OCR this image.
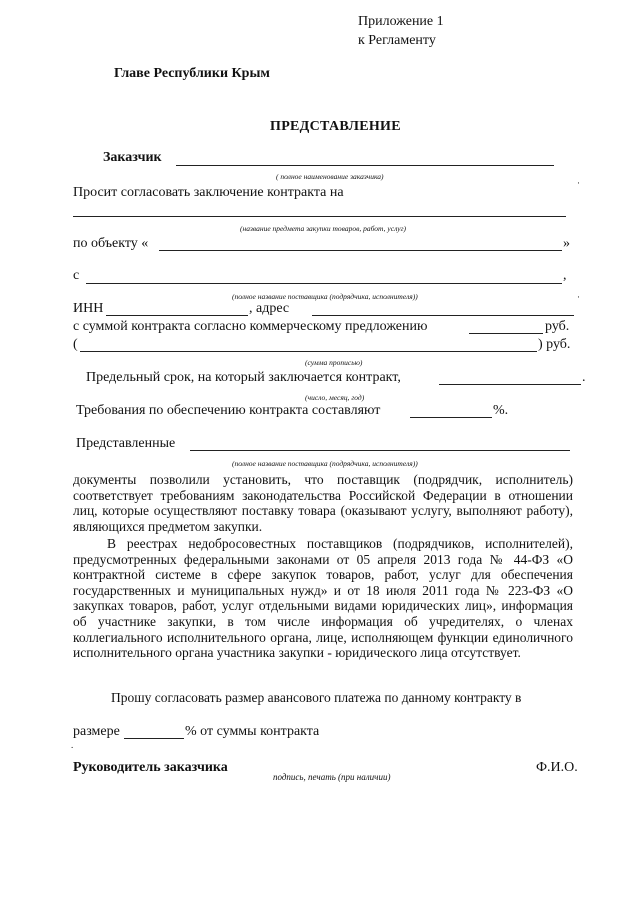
Приложение 1
к Регламенту
Главе Республики Крым
ПРЕДСТАВЛЕНИЕ
Заказчик
( полное наименование заказчика)
·
Просит согласовать заключение контракта на
(название предмета закупки товаров, работ, услуг)
по объекту «	»
с	,
(полное название поставщика (подрядчика, исполнителя))	·
ИНН	, адрес
с суммой контракта согласно коммерческому предложению	руб.
(	) руб.
(сумма прописью)
Предельный срок, на который заключается контракт,	.
(число, месяц, год)
Требования по обеспечению контракта составляют	%.
Представленные
(полное название поставщика (подрядчика, исполнителя))
документы позволили установить, что поставщик (подрядчик, исполнитель) соответствует требованиям законодательства Российской Федерации в отношении лиц, которые осуществляют поставку товара (оказывают услугу, выполняют работу), являющихся предметом закупки.
В реестрах недобросовестных поставщиков (подрядчиков, исполнителей), предусмотренных федеральными законами от 05 апреля 2013 года № 44-ФЗ «О контрактной системе в сфере закупок товаров, работ, услуг для обеспечения государственных и муниципальных нужд» и от 18 июля 2011 года № 223-ФЗ «О закупках товаров, работ, услуг отдельными видами юридических лиц», информация об участнике закупки, в том числе информация об учредителях, о членах коллегиального исполнительного органа, лице, исполняющем функции единоличного исполнительного органа участника закупки - юридического лица отсутствует.
Прошу согласовать размер авансового платежа по данному контракту в
размере	% от суммы контракта
.
Руководитель заказчика
подпись, печать (при наличии)
Ф.И.О.
